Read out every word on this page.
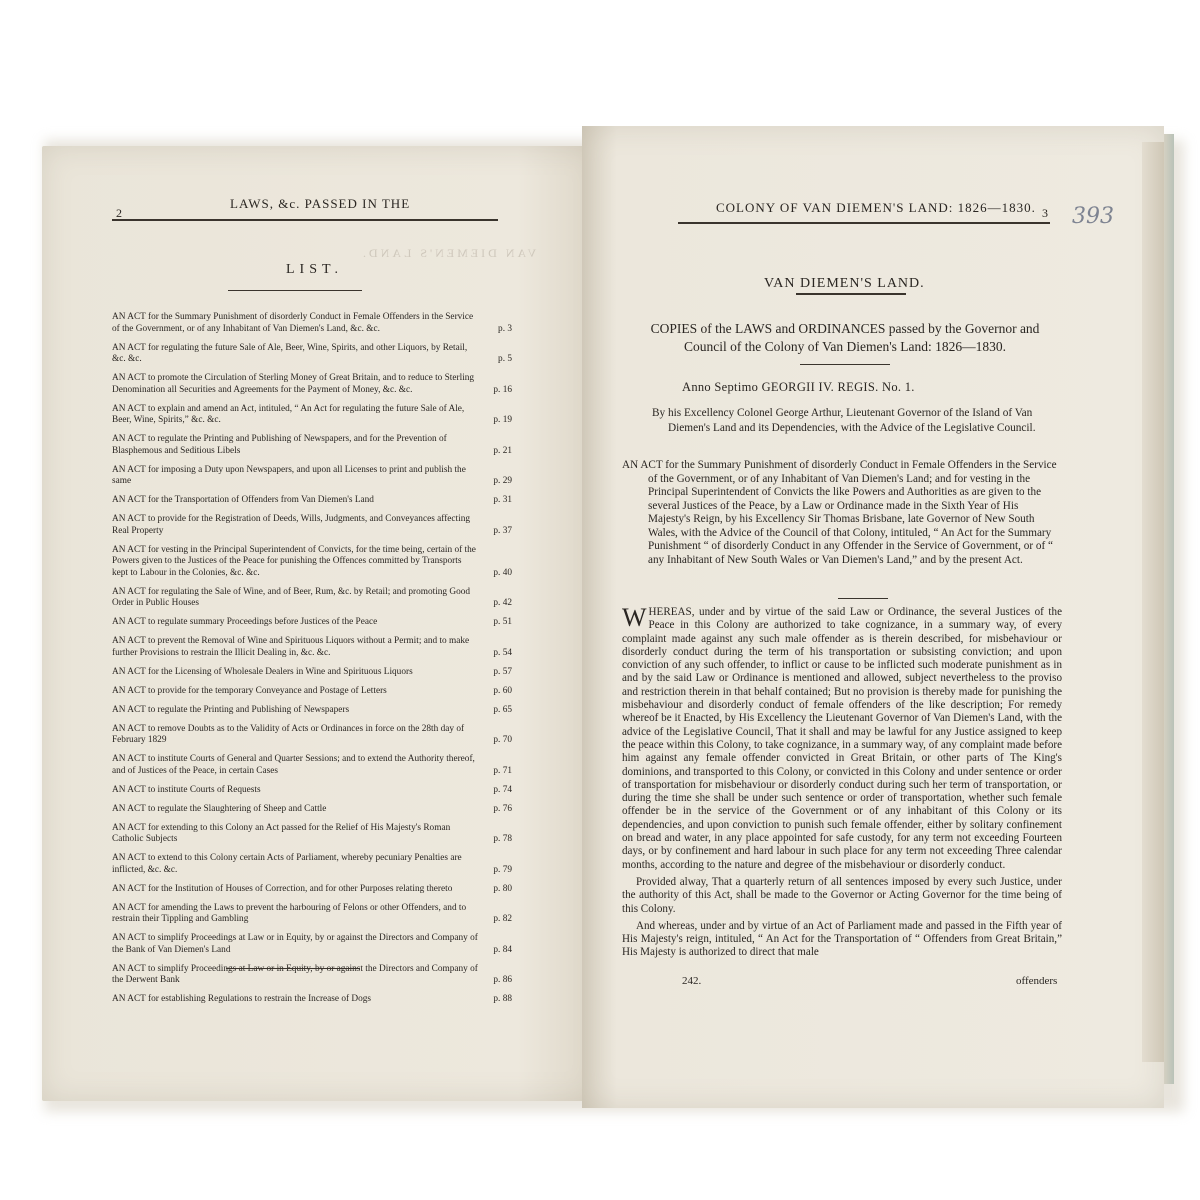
2
LAWS, &c. PASSED IN THE
VAN DIEMEN'S LAND.
LIST.
AN ACT for the Summary Punishment of disorderly Conduct in Female Offenders in the Service of the Government, or of any Inhabitant of Van Diemen's Land, &c. &c.	p. 3
AN ACT for regulating the future Sale of Ale, Beer, Wine, Spirits, and other Liquors, by Retail, &c. &c.	p. 5
AN ACT to promote the Circulation of Sterling Money of Great Britain, and to reduce to Sterling Denomination all Securities and Agreements for the Payment of Money, &c. &c.	p. 16
AN ACT to explain and amend an Act, intituled, “ An Act for regulating the future Sale of Ale, Beer, Wine, Spirits,” &c. &c.	p. 19
AN ACT to regulate the Printing and Publishing of Newspapers, and for the Prevention of Blasphemous and Seditious Libels	p. 21
AN ACT for imposing a Duty upon Newspapers, and upon all Licenses to print and publish the same	p. 29
AN ACT for the Transportation of Offenders from Van Diemen's Land	p. 31
AN ACT to provide for the Registration of Deeds, Wills, Judgments, and Conveyances affecting Real Property	p. 37
AN ACT for vesting in the Principal Superintendent of Convicts, for the time being, certain of the Powers given to the Justices of the Peace for punishing the Offences committed by Transports kept to Labour in the Colonies, &c. &c.	p. 40
AN ACT for regulating the Sale of Wine, and of Beer, Rum, &c. by Retail; and promoting Good Order in Public Houses	p. 42
AN ACT to regulate summary Proceedings before Justices of the Peace	p. 51
AN ACT to prevent the Removal of Wine and Spirituous Liquors without a Permit; and to make further Provisions to restrain the Illicit Dealing in, &c. &c.	p. 54
AN ACT for the Licensing of Wholesale Dealers in Wine and Spirituous Liquors	p. 57
AN ACT to provide for the temporary Conveyance and Postage of Letters	p. 60
AN ACT to regulate the Printing and Publishing of Newspapers	p. 65
AN ACT to remove Doubts as to the Validity of Acts or Ordinances in force on the 28th day of February 1829	p. 70
AN ACT to institute Courts of General and Quarter Sessions; and to extend the Authority thereof, and of Justices of the Peace, in certain Cases	p. 71
AN ACT to institute Courts of Requests	p. 74
AN ACT to regulate the Slaughtering of Sheep and Cattle	p. 76
AN ACT for extending to this Colony an Act passed for the Relief of His Majesty's Roman Catholic Subjects	p. 78
AN ACT to extend to this Colony certain Acts of Parliament, whereby pecuniary Penalties are inflicted, &c. &c.	p. 79
AN ACT for the Institution of Houses of Correction, and for other Purposes relating thereto	p. 80
AN ACT for amending the Laws to prevent the harbouring of Felons or other Offenders, and to restrain their Tippling and Gambling	p. 82
AN ACT to simplify Proceedings at Law or in Equity, by or against the Directors and Company of the Bank of Van Diemen's Land	p. 84
AN ACT to simplify Proceedings at Law or in Equity, by or against the Directors and Company of the Derwent Bank	p. 86
AN ACT for establishing Regulations to restrain the Increase of Dogs	p. 88
COLONY OF VAN DIEMEN'S LAND: 1826—1830. 3 393
VAN DIEMEN'S LAND.
COPIES of the LAWS and ORDINANCES passed by the Governor and Council of the Colony of Van Diemen's Land: 1826—1830.
Anno Septimo GEORGII IV. REGIS. No. 1.

By his Excellency Colonel George Arthur, Lieutenant Governor of the Island of Van Diemen's Land and its Dependencies, with the Advice of the Legislative Council.

AN ACT for the Summary Punishment of disorderly Conduct in Female Offenders in the Service of the Government, or of any Inhabitant of Van Diemen's Land; and for vesting in the Principal Superintendent of Convicts the like Powers and Authorities as are given to the several Justices of the Peace, by a Law or Ordinance made in the Sixth Year of His Majesty's Reign, by his Excellency Sir Thomas Brisbane, late Governor of New South Wales, with the Advice of the Council of that Colony, intituled, “ An Act for the Summary Punishment “ of disorderly Conduct in any Offender in the Service of Government, or of “ any Inhabitant of New South Wales or Van Diemen's Land,” and by the present Act.

WHEREAS, under and by virtue of the said Law or Ordinance, the several Justices of the Peace in this Colony are authorized to take cognizance, in a summary way, of every complaint made against any such male offender as is therein described, for misbehaviour or disorderly conduct during the term of his transportation or subsisting conviction; and upon conviction of any such offender, to inflict or cause to be inflicted such moderate punishment as in and by the said Law or Ordinance is mentioned and allowed, subject nevertheless to the proviso and restriction therein in that behalf contained; But no provision is thereby made for punishing the misbehaviour and disorderly conduct of female offenders of the like description; For remedy whereof be it Enacted, by His Excellency the Lieutenant Governor of Van Diemen's Land, with the advice of the Legislative Council, That it shall and may be lawful for any Justice assigned to keep the peace within this Colony, to take cognizance, in a summary way, of any complaint made before him against any female offender convicted in Great Britain, or other parts of The King's dominions, and transported to this Colony, or convicted in this Colony and under sentence or order of transportation for misbehaviour or disorderly conduct during such her term of transportation, or during the time she shall be under such sentence or order of transportation, whether such female offender be in the service of the Government or of any inhabitant of this Colony or its dependencies, and upon conviction to punish such female offender, either by solitary confinement on bread and water, in any place appointed for safe custody, for any term not exceeding Fourteen days, or by confinement and hard labour in such place for any term not exceeding Three calendar months, according to the nature and degree of the misbehaviour or disorderly conduct.

Provided alway, That a quarterly return of all sentences imposed by every such Justice, under the authority of this Act, shall be made to the Governor or Acting Governor for the time being of this Colony.

And whereas, under and by virtue of an Act of Parliament made and passed in the Fifth year of His Majesty's reign, intituled, “ An Act for the Transportation of “ Offenders from Great Britain,” His Majesty is authorized to direct that male

242.	offenders
